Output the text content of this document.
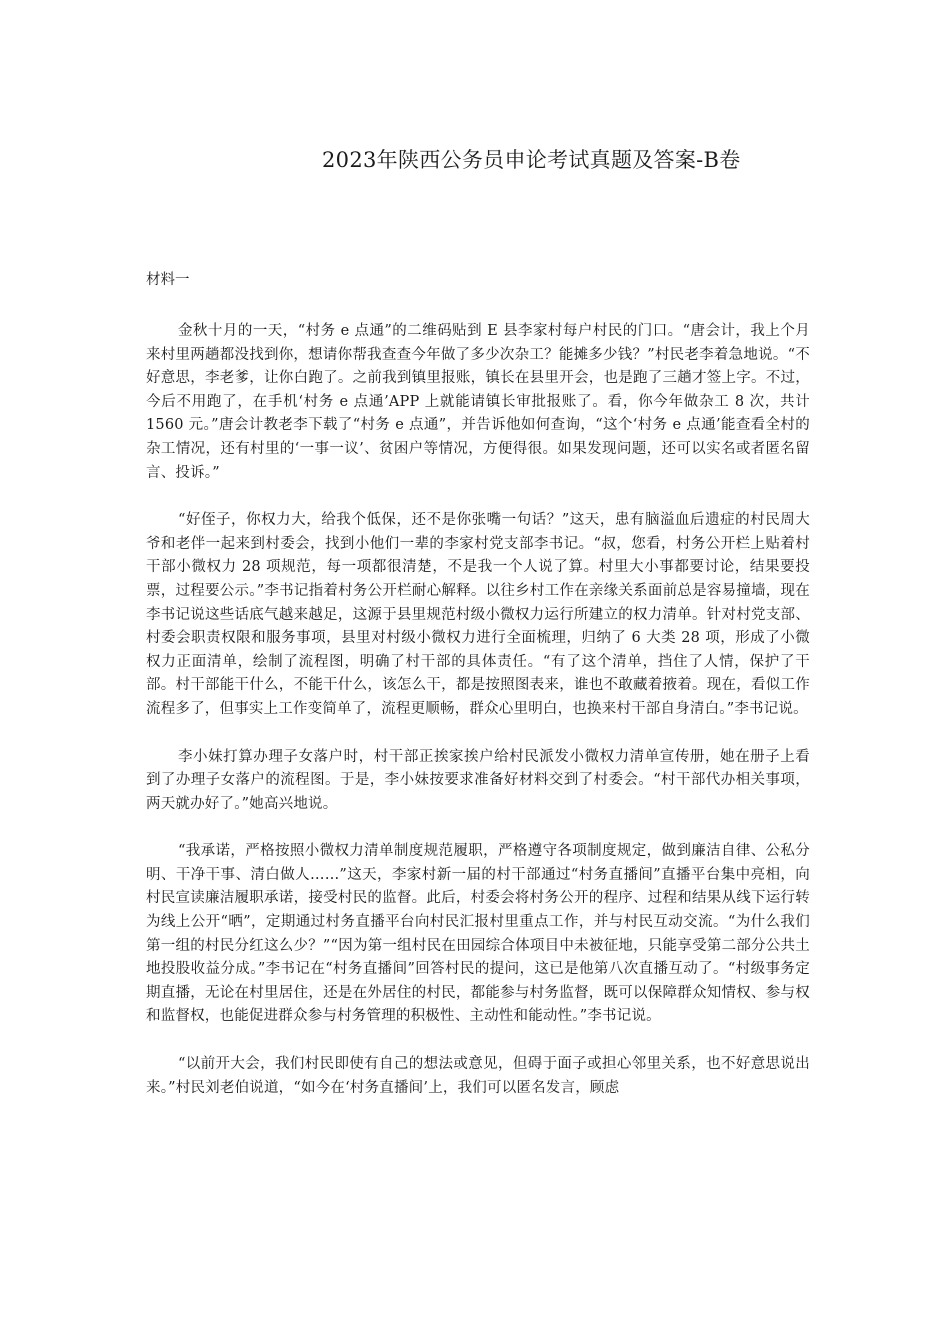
2023年陕西公务员申论考试真题及答案-B卷

材料一

金秋十月的一天，“村务 e 点通”的二维码贴到 E 县李家村每户村民的门口。“唐会计，我上个月来村里两趟都没找到你，想请你帮我查查今年做了多少次杂工？能摊多少钱？”村民老李着急地说。“不好意思，李老爹，让你白跑了。之前我到镇里报账，镇长在县里开会，也是跑了三趟才签上字。不过，今后不用跑了，在手机‘村务 e 点通’APP 上就能请镇长审批报账了。看，你今年做杂工 8 次，共计 1560 元。”唐会计教老李下载了“村务 e 点通”，并告诉他如何查询，“这个‘村务 e 点通’能查看全村的杂工情况，还有村里的‘一事一议’、贫困户等情况，方便得很。如果发现问题，还可以实名或者匿名留言、投诉。”

“好侄子，你权力大，给我个低保，还不是你张嘴一句话？”这天，患有脑溢血后遗症的村民周大爷和老伴一起来到村委会，找到小他们一辈的李家村党支部李书记。“叔，您看，村务公开栏上贴着村干部小微权力 28 项规范，每一项都很清楚，不是我一个人说了算。村里大小事都要讨论，结果要投票，过程要公示。”李书记指着村务公开栏耐心解释。以往乡村工作在亲缘关系面前总是容易撞墙，现在李书记说这些话底气越来越足，这源于县里规范村级小微权力运行所建立的权力清单。针对村党支部、村委会职责权限和服务事项，县里对村级小微权力进行全面梳理，归纳了 6 大类 28 项，形成了小微权力正面清单，绘制了流程图，明确了村干部的具体责任。“有了这个清单，挡住了人情，保护了干部。村干部能干什么，不能干什么，该怎么干，都是按照图表来，谁也不敢藏着掖着。现在，看似工作流程多了，但事实上工作变简单了，流程更顺畅，群众心里明白，也换来村干部自身清白。”李书记说。

李小妹打算办理子女落户时，村干部正挨家挨户给村民派发小微权力清单宣传册，她在册子上看到了办理子女落户的流程图。于是，李小妹按要求准备好材料交到了村委会。“村干部代办相关事项，两天就办好了。”她高兴地说。

“我承诺，严格按照小微权力清单制度规范履职，严格遵守各项制度规定，做到廉洁自律、公私分明、干净干事、清白做人……”这天，李家村新一届的村干部通过“村务直播间”直播平台集中亮相，向村民宣读廉洁履职承诺，接受村民的监督。此后，村委会将村务公开的程序、过程和结果从线下运行转为线上公开“晒”，定期通过村务直播平台向村民汇报村里重点工作，并与村民互动交流。“为什么我们第一组的村民分红这么少？”“因为第一组村民在田园综合体项目中未被征地，只能享受第二部分公共土地投股收益分成。”李书记在“村务直播间”回答村民的提问，这已是他第八次直播互动了。“村级事务定期直播，无论在村里居住，还是在外居住的村民，都能参与村务监督，既可以保障群众知情权、参与权和监督权，也能促进群众参与村务管理的积极性、主动性和能动性。”李书记说。

“以前开大会，我们村民即使有自己的想法或意见，但碍于面子或担心邻里关系，也不好意思说出来。”村民刘老伯说道，“如今在‘村务直播间’上，我们可以匿名发言，顾虑
